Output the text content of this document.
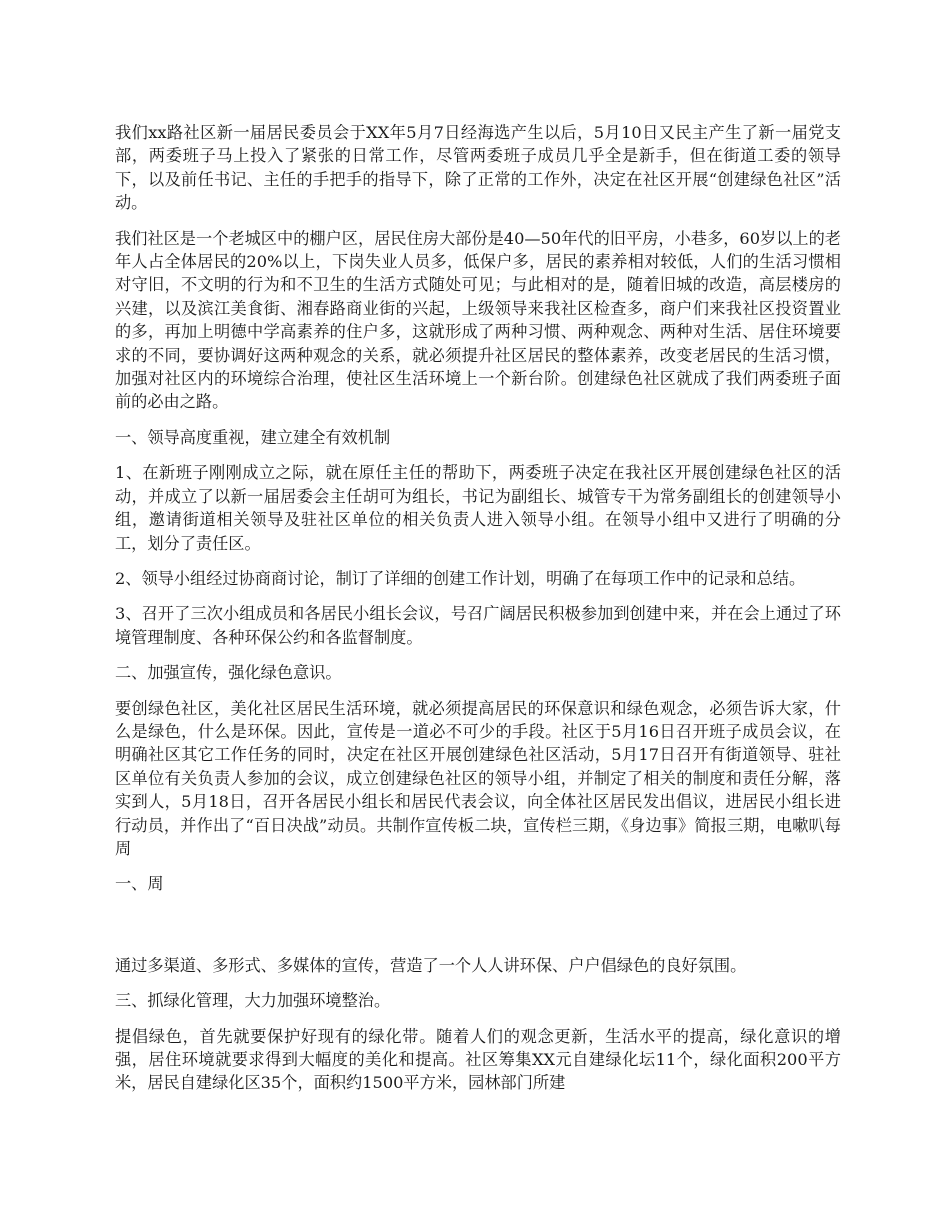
我们xx路社区新一届居民委员会于XX年5月7日经海选产生以后，5月10日又民主产生了新一届党支部，两委班子马上投入了紧张的日常工作，尽管两委班子成员几乎全是新手，但在街道工委的领导下，以及前任书记、主任的手把手的指导下，除了正常的工作外，决定在社区开展“创建绿色社区”活动。

我们社区是一个老城区中的棚户区，居民住房大部份是40—50年代的旧平房，小巷多，60岁以上的老年人占全体居民的20%以上，下岗失业人员多，低保户多，居民的素养相对较低，人们的生活习惯相对守旧，不文明的行为和不卫生的生活方式随处可见；与此相对的是，随着旧城的改造，高层楼房的兴建，以及滨江美食街、湘春路商业街的兴起，上级领导来我社区检查多，商户们来我社区投资置业的多，再加上明德中学高素养的住户多，这就形成了两种习惯、两种观念、两种对生活、居住环境要求的不同，要协调好这两种观念的关系，就必须提升社区居民的整体素养，改变老居民的生活习惯，加强对社区内的环境综合治理，使社区生活环境上一个新台阶。创建绿色社区就成了我们两委班子面前的必由之路。

一、领导高度重视，建立建全有效机制

1、在新班子刚刚成立之际，就在原任主任的帮助下，两委班子决定在我社区开展创建绿色社区的活动，并成立了以新一届居委会主任胡可为组长，书记为副组长、城管专干为常务副组长的创建领导小组，邀请街道相关领导及驻社区单位的相关负责人进入领导小组。在领导小组中又进行了明确的分工，划分了责任区。

2、领导小组经过协商商讨论，制订了详细的创建工作计划，明确了在每项工作中的记录和总结。

3、召开了三次小组成员和各居民小组长会议，号召广阔居民积极参加到创建中来，并在会上通过了环境管理制度、各种环保公约和各监督制度。

二、加强宣传，强化绿色意识。

要创绿色社区，美化社区居民生活环境，就必须提高居民的环保意识和绿色观念，必须告诉大家，什么是绿色，什么是环保。因此，宣传是一道必不可少的手段。社区于5月16日召开班子成员会议，在明确社区其它工作任务的同时，决定在社区开展创建绿色社区活动，5月17日召开有街道领导、驻社区单位有关负责人参加的会议，成立创建绿色社区的领导小组，并制定了相关的制度和责任分解，落实到人，5月18日，召开各居民小组长和居民代表会议，向全体社区居民发出倡议，进居民小组长进行动员，并作出了“百日决战”动员。共制作宣传板二块，宣传栏三期，《身边事》简报三期，电嗽叭每周

一、周

通过多渠道、多形式、多媒体的宣传，营造了一个人人讲环保、户户倡绿色的良好氛围。

三、抓绿化管理，大力加强环境整治。

提倡绿色，首先就要保护好现有的绿化带。随着人们的观念更新，生活水平的提高，绿化意识的增强，居住环境就要求得到大幅度的美化和提高。社区筹集XX元自建绿化坛11个，绿化面积200平方米，居民自建绿化区35个，面积约1500平方米，园林部门所建
